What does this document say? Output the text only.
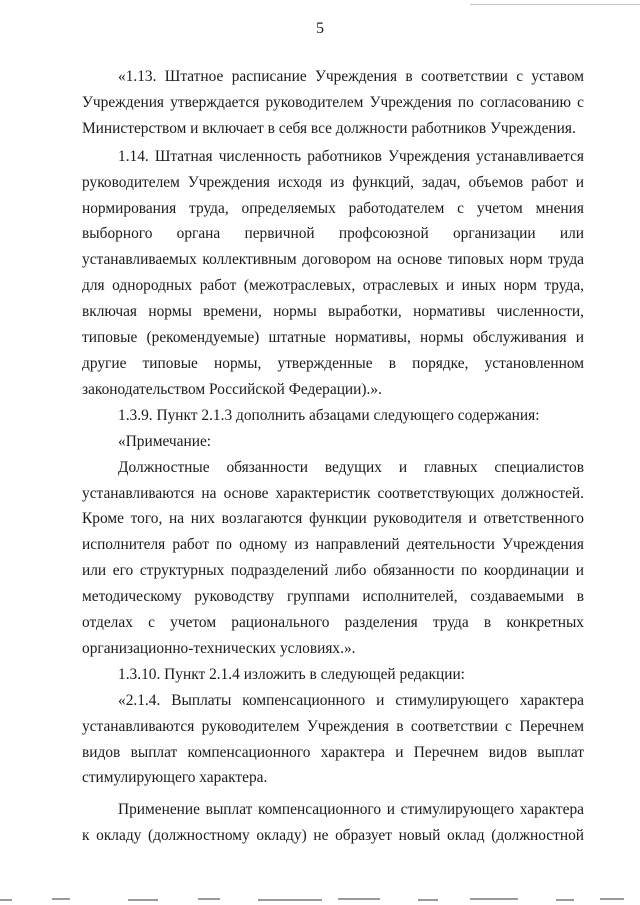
5

«1.13. Штатное расписание Учреждения в соответствии с уставом Учреждения утверждается руководителем Учреждения по согласованию с Министерством и включает в себя все должности работников Учреждения.

1.14. Штатная численность работников Учреждения устанавливается руководителем Учреждения исходя из функций, задач, объемов работ и нормирования труда, определяемых работодателем с учетом мнения выборного органа первичной профсоюзной организации или устанавливаемых коллективным договором на основе типовых норм труда для однородных работ (межотраслевых, отраслевых и иных норм труда, включая нормы времени, нормы выработки, нормативы численности, типовые (рекомендуемые) штатные нормативы, нормы обслуживания и другие типовые нормы, утвержденные в порядке, установленном законодательством Российской Федерации).».

1.3.9. Пункт 2.1.3 дополнить абзацами следующего содержания:

«Примечание:

Должностные обязанности ведущих и главных специалистов устанавливаются на основе характеристик соответствующих должностей. Кроме того, на них возлагаются функции руководителя и ответственного исполнителя работ по одному из направлений деятельности Учреждения или его структурных подразделений либо обязанности по координации и методическому руководству группами исполнителей, создаваемыми в отделах с учетом рационального разделения труда в конкретных организационно-технических условиях.».

1.3.10. Пункт 2.1.4 изложить в следующей редакции:

«2.1.4. Выплаты компенсационного и стимулирующего характера устанавливаются руководителем Учреждения в соответствии с Перечнем видов выплат компенсационного характера и Перечнем видов выплат стимулирующего характера.

Применение выплат компенсационного и стимулирующего характера к окладу (должностному окладу) не образует новый оклад (должностной
